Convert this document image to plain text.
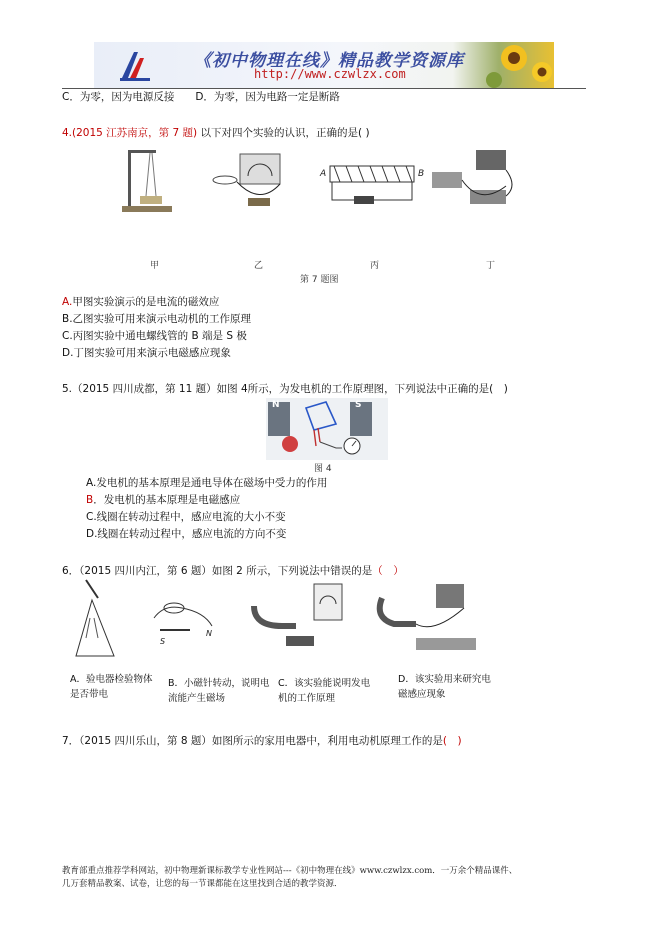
《初中物理在线》精品教学资源库
http://www.czwlzx.com
C．为零，因为电源反接　　D．为零，因为电路一定是断路
4.(2015 江苏南京，第 7 题) 以下对四个实验的认识，正确的是( )
A	B
甲	乙	丙	丁
第 7 题图
A.甲图实验演示的是电流的磁效应
B.乙图实验可用来演示电动机的工作原理
C.丙图实验中通电螺线管的 B 端是 S 极
D.丁图实验可用来演示电磁感应现象
5.（2015 四川成都，第 11 题）如图 4所示，为发电机的工作原理图，下列说法中正确的是(　 )
N	S
图 4
A.发电机的基本原理是通电导体在磁场中受力的作用
B．发电机的基本原理是电磁感应
C.线圈在转动过程中，感应电流的大小不变
D.线圈在转动过程中，感应电流的方向不变
6．（2015 四川内江，第 6 题）如图 2 所示，下列说法中错误的是（　）
S
N
A．验电器检验物体
是否带电
B．小磁针转动，说明电
流能产生磁场
C．该实验能说明发电
机的工作原理
D．该实验用来研究电
磁感应现象
7．（2015 四川乐山，第 8 题）如图所示的家用电器中，利用电动机原理工作的是(　)
教育部重点推荐学科网站，初中物理新课标教学专业性网站---《初中物理在线》www.czwlzx.com．一万余个精品课件、
几万套精品教案、试卷，让您的每一节课都能在这里找到合适的教学资源．
